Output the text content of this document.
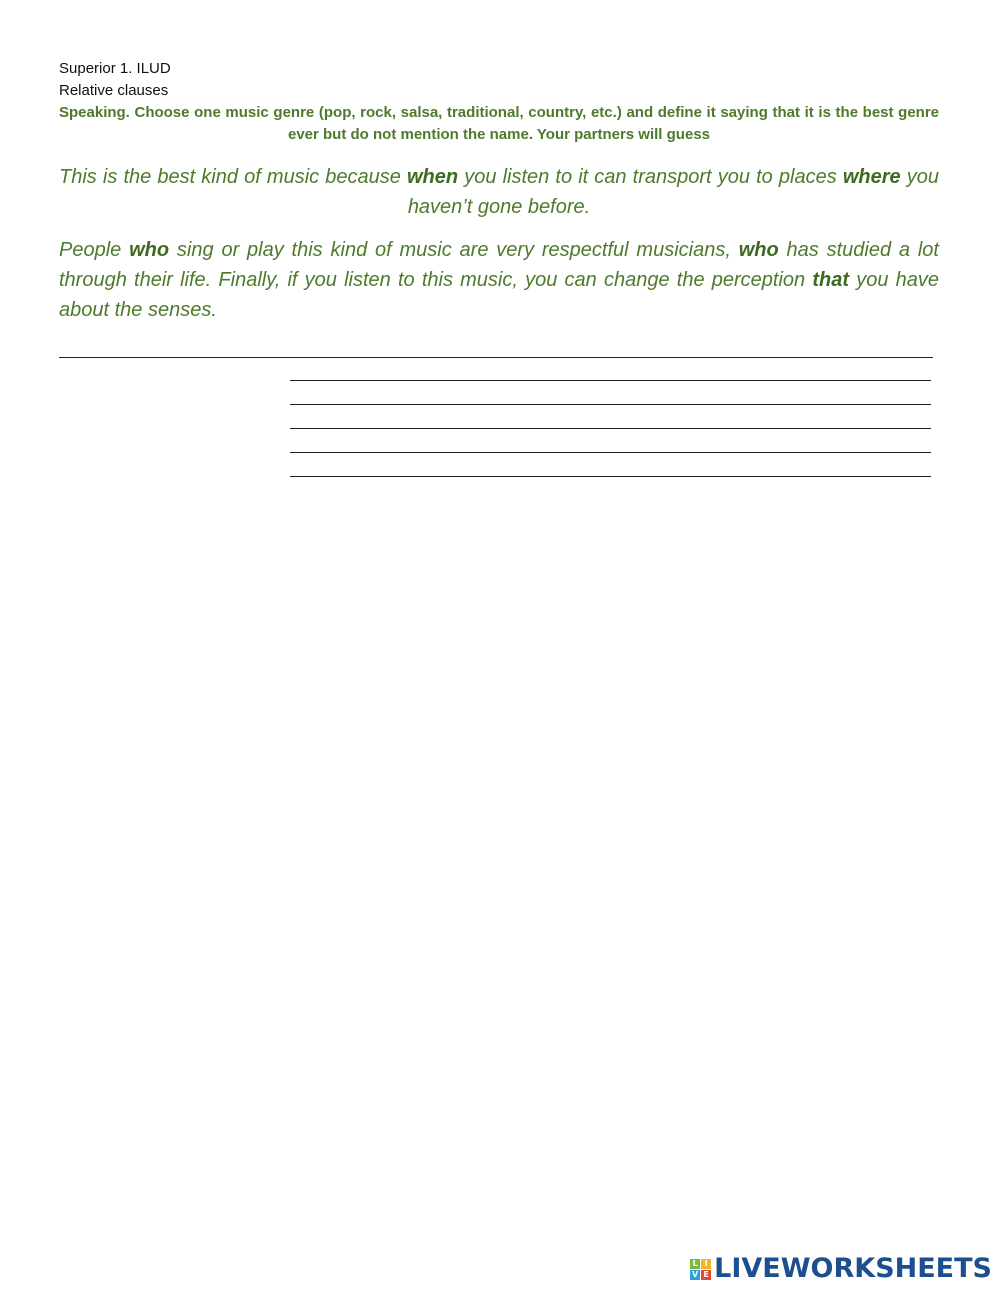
Superior 1. ILUD
Relative clauses
Speaking. Choose one music genre (pop, rock, salsa, traditional, country, etc.) and define it saying that it is the best genre ever but do not mention the name. Your partners will guess
This is the best kind of music because when you listen to it can transport you to places where you haven’t gone before.
People who sing or play this kind of music are very respectful musicians, who has studied a lot through their life. Finally, if you listen to this music, you can change the perception that you have about the senses.
L I
V E LIVEWORKSHEETS
